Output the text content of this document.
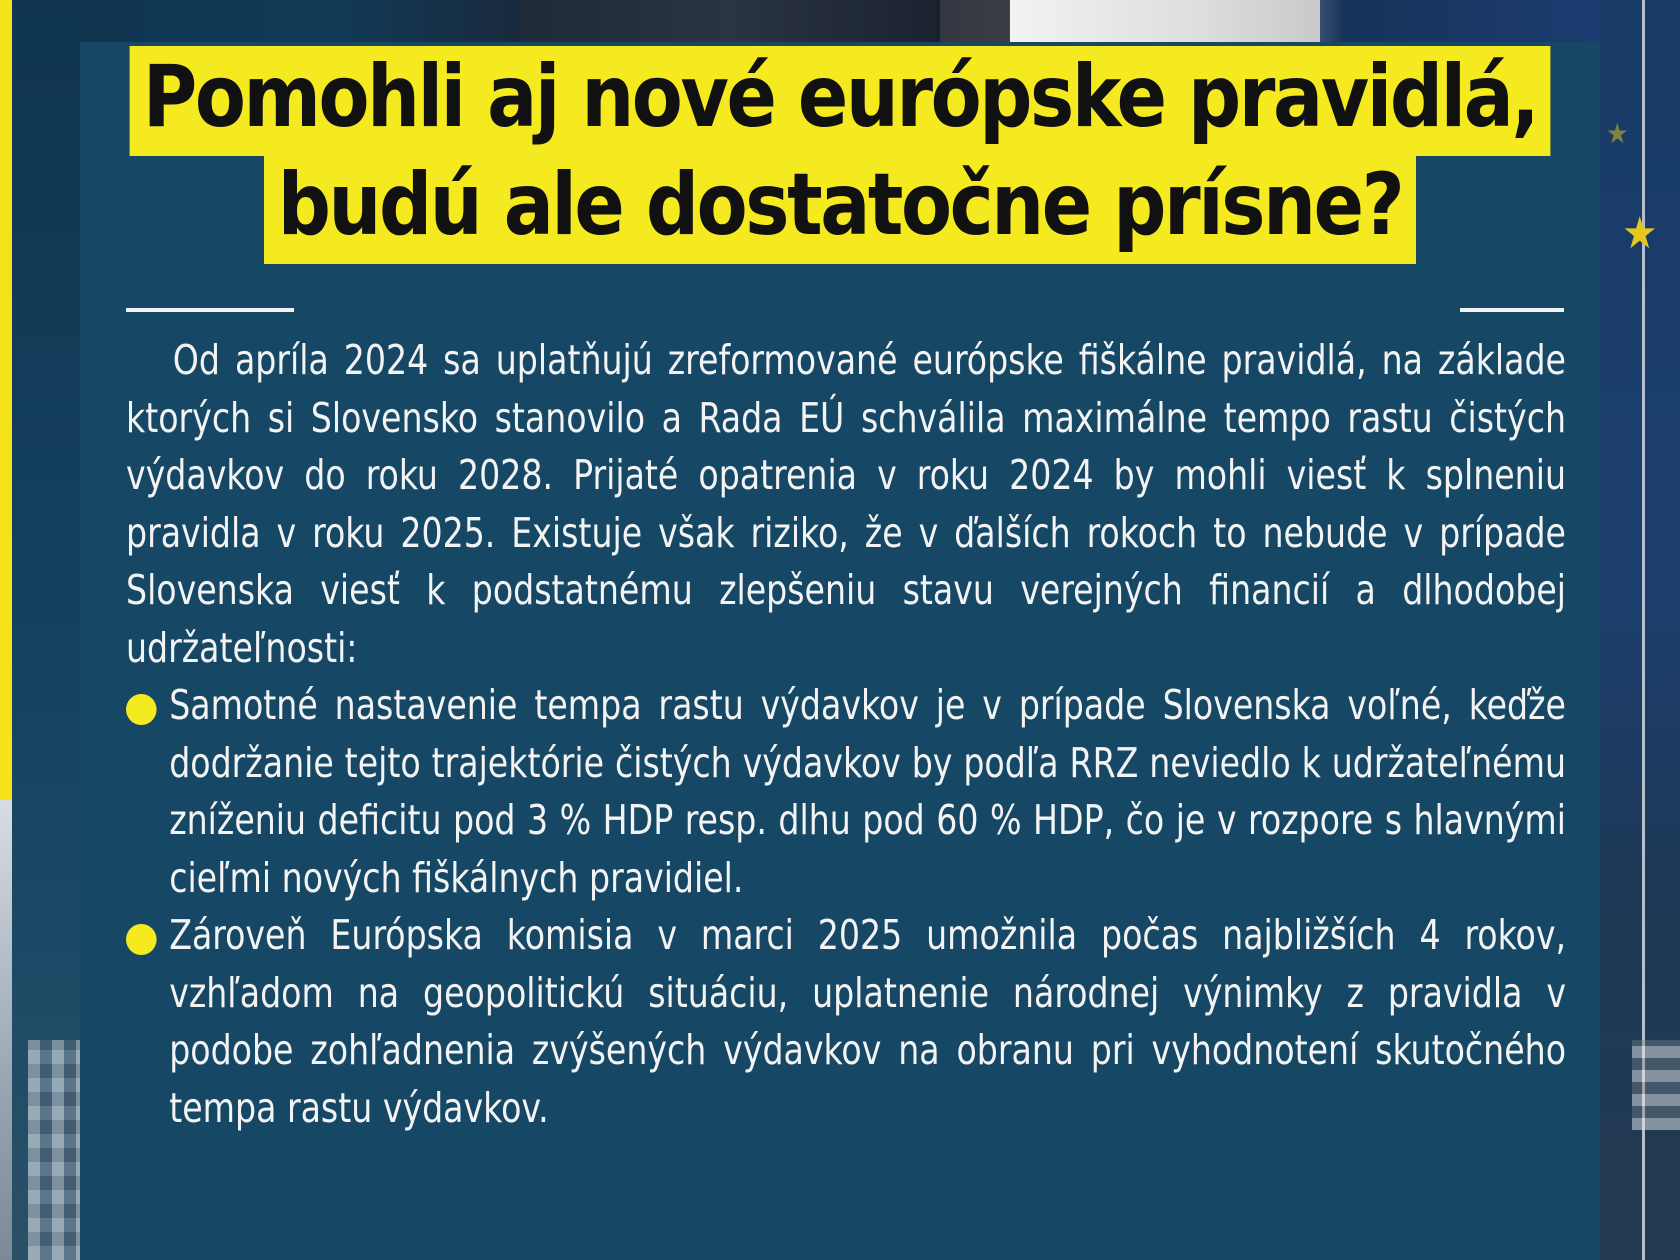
★
★
Pomohli aj nové európske pravidlá,
budú ale dostatočne prísne?

Od apríla 2024 sa uplatňujú zreformované európske fiškálne pravidlá, na základe ktorých si Slovensko stanovilo a Rada EÚ schválila maximálne tempo rastu čistých výdavkov do roku 2028. Prijaté opatrenia v roku 2024 by mohli viesť k splneniu pravidla v roku 2025. Existuje však riziko, že v ďalších rokoch to nebude v prípade Slovenska viesť k podstatnému zlepšeniu stavu verejných financií a dlhodobej udržateľnosti:

Samotné nastavenie tempa rastu výdavkov je v prípade Slovenska voľné, keďže dodržanie tejto trajektórie čistých výdavkov by podľa RRZ neviedlo k udržateľnému zníženiu deficitu pod 3 % HDP resp. dlhu pod 60 % HDP, čo je v rozpore s hlavnými cieľmi nových fiškálnych pravidiel.
Zároveň Európska komisia v marci 2025 umožnila počas najbližších 4 rokov, vzhľadom na geopolitickú situáciu, uplatnenie národnej výnimky z pravidla v podobe zohľadnenia zvýšených výdavkov na obranu pri vyhodnotení skutočného tempa rastu výdavkov.
